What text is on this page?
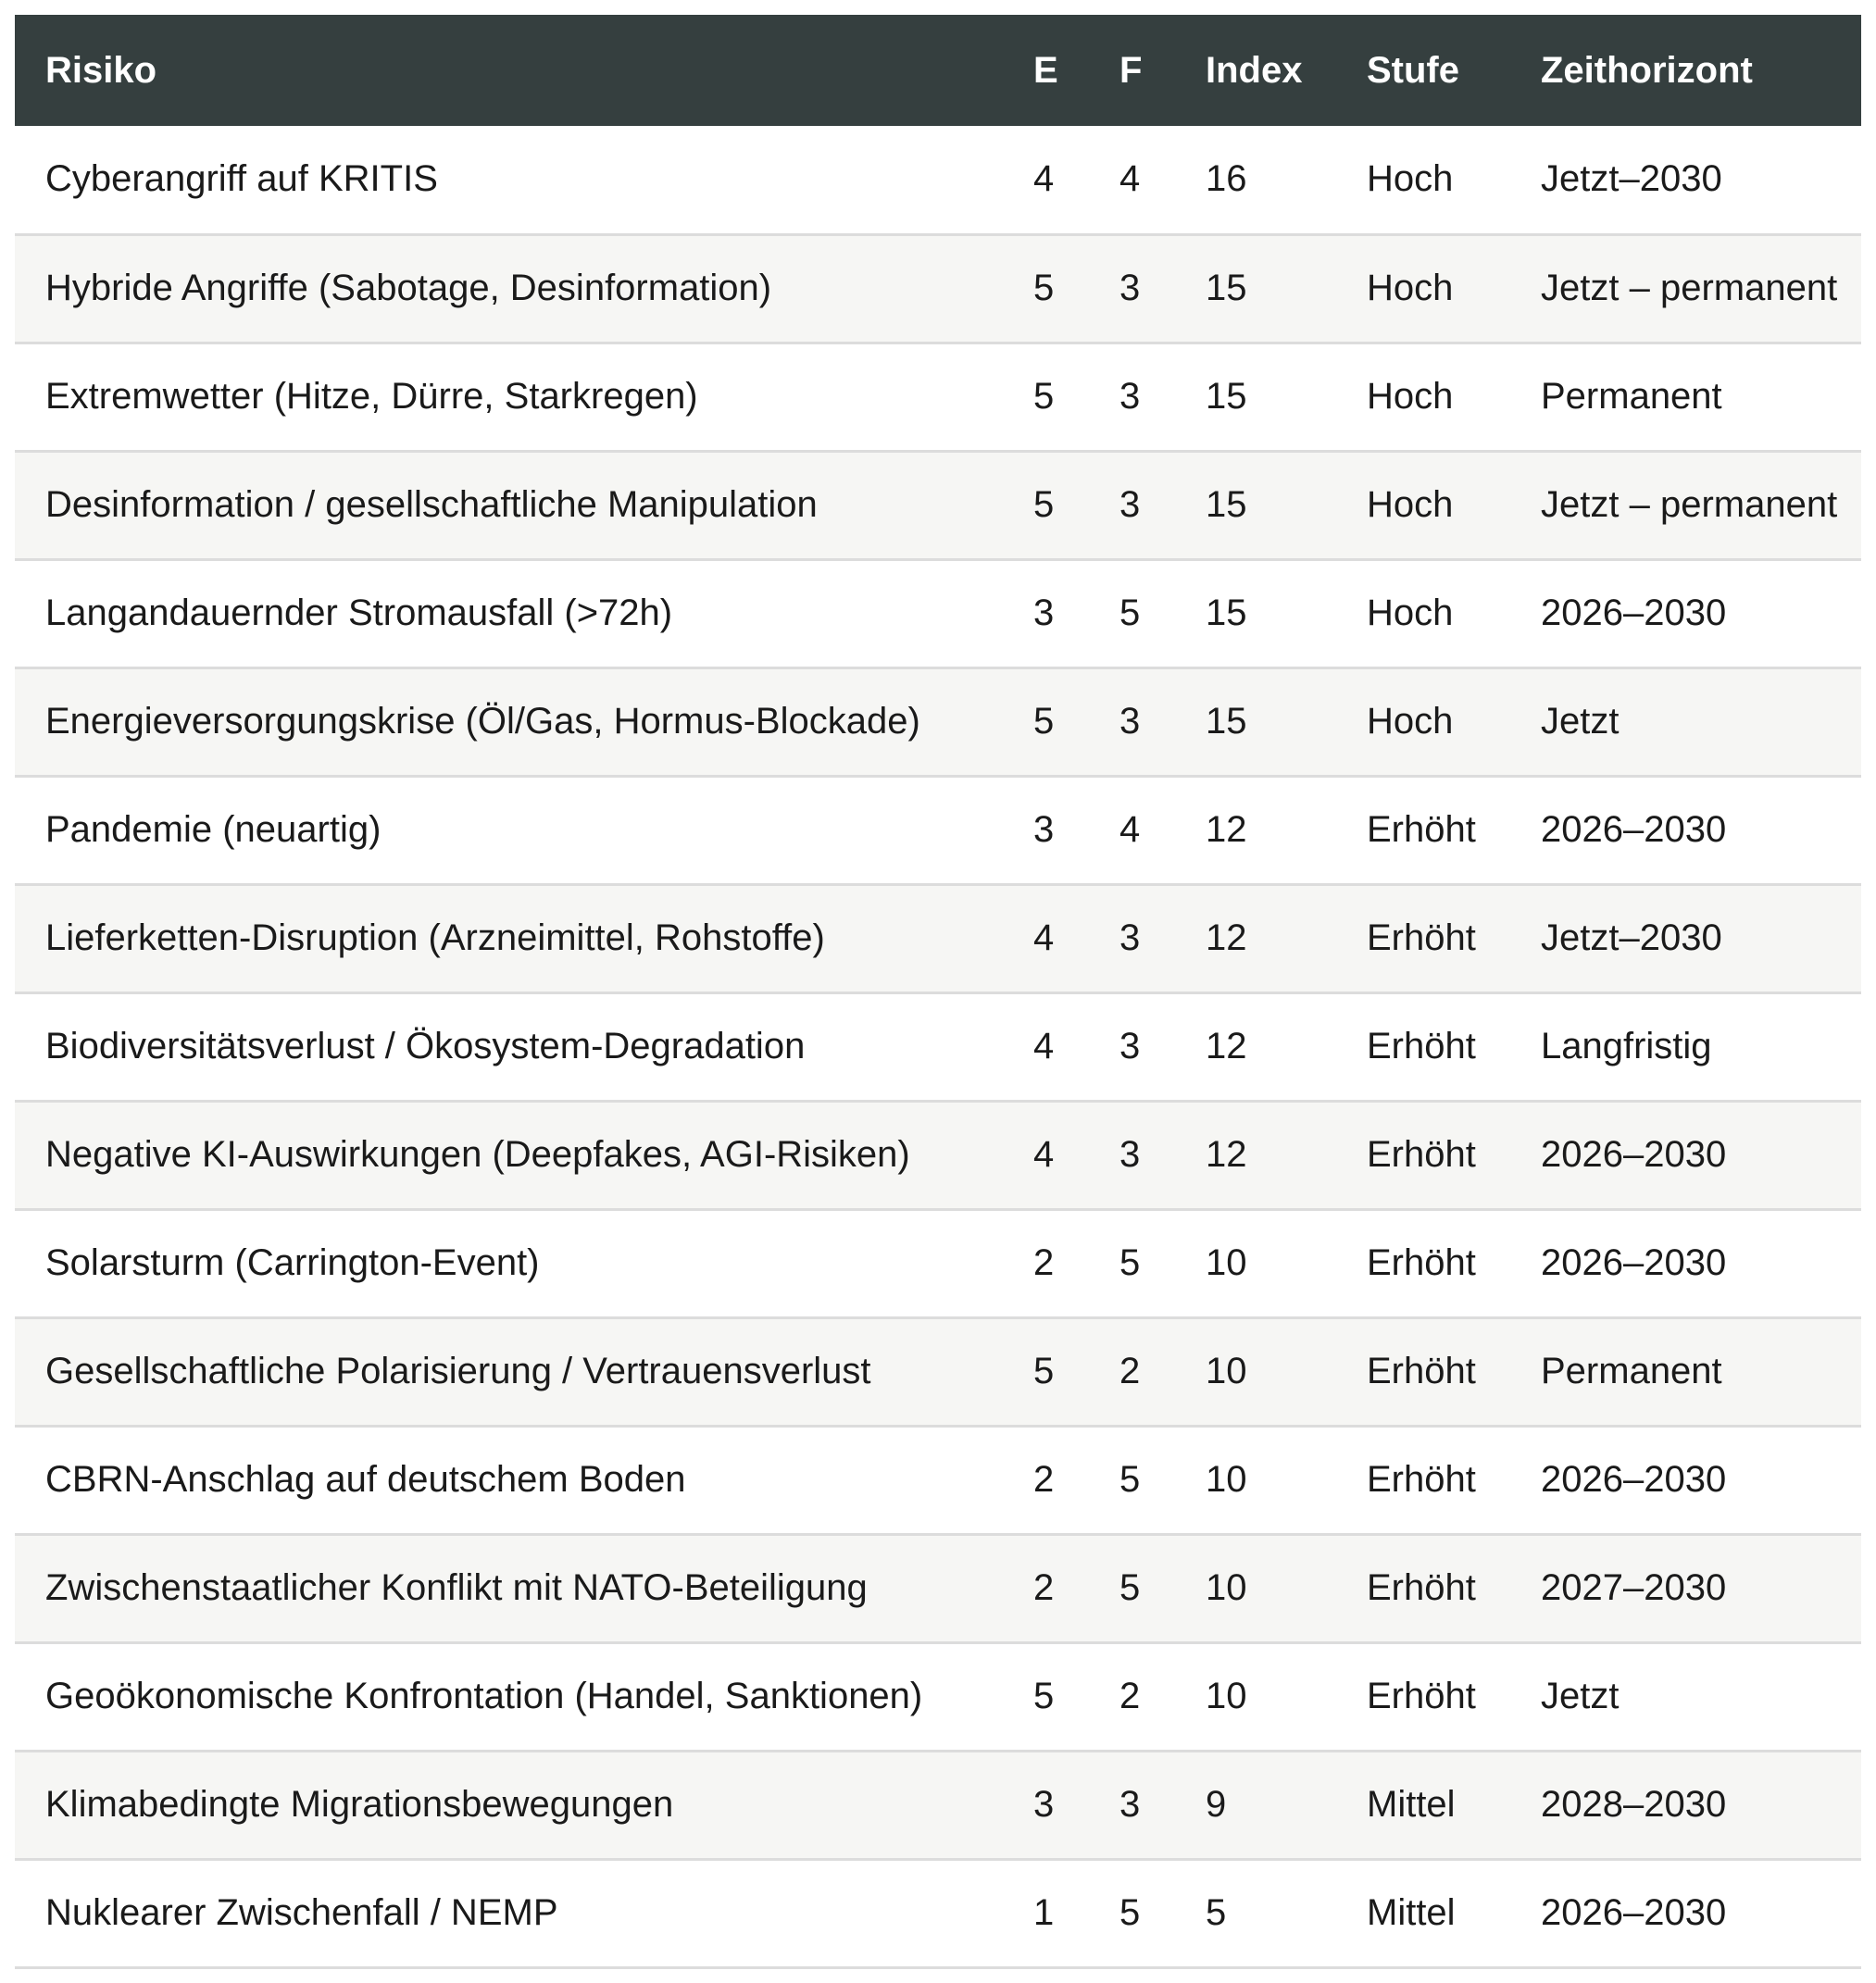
Risiko	E	F	Index	Stufe	Zeithorizont
Cyberangriff auf KRITIS	4	4	16	Hoch	Jetzt–2030
Hybride Angriffe (Sabotage, Desinformation)	5	3	15	Hoch	Jetzt – permanent
Extremwetter (Hitze, Dürre, Starkregen)	5	3	15	Hoch	Permanent
Desinformation / gesellschaftliche Manipulation	5	3	15	Hoch	Jetzt – permanent
Langandauernder Stromausfall (>72h)	3	5	15	Hoch	2026–2030
Energieversorgungskrise (Öl/Gas, Hormus-Blockade)	5	3	15	Hoch	Jetzt
Pandemie (neuartig)	3	4	12	Erhöht	2026–2030
Lieferketten-Disruption (Arzneimittel, Rohstoffe)	4	3	12	Erhöht	Jetzt–2030
Biodiversitätsverlust / Ökosystem-Degradation	4	3	12	Erhöht	Langfristig
Negative KI-Auswirkungen (Deepfakes, AGI-Risiken)	4	3	12	Erhöht	2026–2030
Solarsturm (Carrington-Event)	2	5	10	Erhöht	2026–2030
Gesellschaftliche Polarisierung / Vertrauensverlust	5	2	10	Erhöht	Permanent
CBRN-Anschlag auf deutschem Boden	2	5	10	Erhöht	2026–2030
Zwischenstaatlicher Konflikt mit NATO-Beteiligung	2	5	10	Erhöht	2027–2030
Geoökonomische Konfrontation (Handel, Sanktionen)	5	2	10	Erhöht	Jetzt
Klimabedingte Migrationsbewegungen	3	3	9	Mittel	2028–2030
Nuklearer Zwischenfall / NEMP	1	5	5	Mittel	2026–2030
